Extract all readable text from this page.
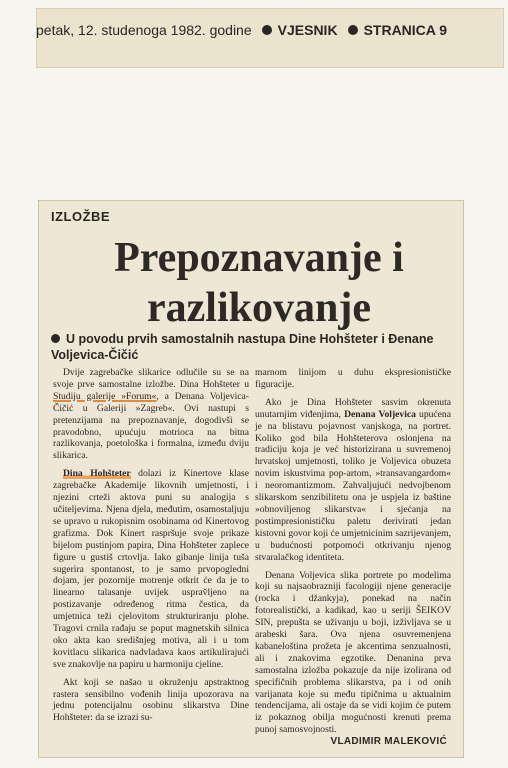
petak, 12. studenoga 1982. godine VJESNIK STRANICA 9
IZLOŽBE
Prepoznavanje i
razlikovanje
U povodu prvih samostalnih nastupa Dine Hohšteter i Đenane Voljevica-Čičić

Dvije zagrebačke slikarice odlučile su se na svoje prve samostalne izložbe. Dina Hohšteter u Studiju galerije »Forum«, a Denana Voljevica-Čičić u Galeriji »Zagreb«. Ovi nastupi s pretenzijama na prepoznavanje, dogodivši se pravodobno, upućuju motrioca na bitna razlikovanja, poetološka i formalna, između dviju slikarica.

Dina Hohšteter dolazi iz Kinertove klase zagrebačke Akademije likovnih umjetnosti, i njezini crteži aktova puni su analogija s učiteljevima. Njena djela, međutim, osamostaljuju se upravo u rukopisnim osobinama od Kinertovog grafizma. Dok Kinert raspršuje svoje prikaze bijelom pustinjom papira, Dina Hohšteter zaplece figure u gustiš crtovlja. Iako gibanje linija tuša sugerira spontanost, to je samo prvopogledni dojam, jer pozornije motrenje otkrit će da je to linearno talasanje uvijek usprav̌ljeno na postizavanje određenog ritma čestica, da umjetnica teži cjelovitom strukturiranju plohe. Tragovi crnila rađaju se poput magnetskih silnica oko akta kao središnjeg motiva, ali i u tom kovitlacu slikarica nadvladava kaos artikulirajući sve znakovlje na papiru u harmoniju cjeline.

Akt koji se našao u okruženju apstraktnog rastera sensibilno vođenih linija upozorava na jednu potencijalnu osobinu slikarstva Dine Hohšteter: da se izrazi su-

marnom linijom u duhu ekspresionističke figuracije.

Ako je Dina Hohšteter sasvim okrenuta unutarnjim viđenjima, Denana Voljevica upućena je na blistavu pojavnost vanjskoga, na portret. Koliko god bila Hohšteterova oslonjena na tradiciju koja je već historizirana u suvremenoj hrvatskoj umjetnosti, toliko je Voljevica obuzeta novim iskustvima pop-artom, »transavangardom« i neoromantizmom. Zahvaljujući nedvojbenom slikarskom senzibilitetu ona je uspjela iz baštine »obnoviljenog slikarstva« i sjećanja na postimpresionističku paletu derivirati jedan kistovni govor koji će umjetnicinim sazrijevanjem, u budućnosti potpomoći otkrivanju njenog stvaralačkog identiteta.

Denana Voljevica slika portrete po modelima koji su najsaobrazniji facologiji njene generacije (rocka i džankyja), ponekad na način fotorealistički, a kadikad, kao u seriji ŠEIKOV SIN, prepušta se uživanju u boji, izživljava se u arabeski šara. Ova njena osuvremenjena kabaneloština prožeta je akcentima senzualnosti, ali i znakovima egzotike. Denanina prva samostalna izložba pokazuje da nije izolirana od specifičnih problema slikarstva, pa i od onih varijanata koje su među tipičnima u aktualnim tendencijama, ali ostaje da se vidi kojim će putem iz pokaznog obilja mogućnosti krenuti prema punoj samosvojnosti.

VLADIMIR MALEKOVIĆ
